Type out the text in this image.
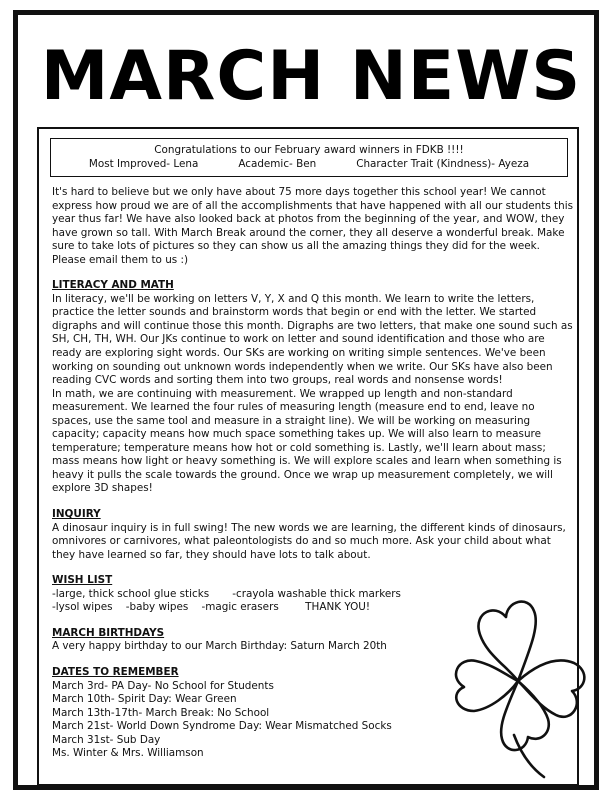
MARCH NEWS
Congratulations to our February award winners in FDKB !!!!
Most Improved- Lena	Academic- Ben	Character Trait (Kindness)- Ayeza

It's hard to believe but we only have about 75 more days together this school year! We cannot express how proud we are of all the accomplishments that have happened with all our students this year thus far! We have also looked back at photos from the beginning of the year, and WOW, they have grown so tall. With March Break around the corner, they all deserve a wonderful break. Make sure to take lots of pictures so they can show us all the amazing things they did for the week. Please email them to us :)

LITERACY AND MATH

In literacy, we'll be working on letters V, Y, X and Q this month. We learn to write the letters, practice the letter sounds and brainstorm words that begin or end with the letter. We started digraphs and will continue those this month. Digraphs are two letters, that make one sound such as SH, CH, TH, WH. Our JKs continue to work on letter and sound identification and those who are ready are exploring sight words. Our SKs are working on writing simple sentences. We've been working on sounding out unknown words independently when we write. Our SKs have also been reading CVC words and sorting them into two groups, real words and nonsense words!

In math, we are continuing with measurement. We wrapped up length and non-standard measurement. We learned the four rules of measuring length (measure end to end, leave no spaces, use the same tool and measure in a straight line). We will be working on measuring capacity; capacity means how much space something takes up. We will also learn to measure temperature; temperature means how hot or cold something is. Lastly, we'll learn about mass; mass means how light or heavy something is. We will explore scales and learn when something is heavy it pulls the scale towards the ground. Once we wrap up measurement completely, we will explore 3D shapes!

INQUIRY

A dinosaur inquiry is in full swing! The new words we are learning, the different kinds of dinosaurs, omnivores or carnivores, what paleontologists do and so much more. Ask your child about what they have learned so far, they should have lots to talk about.

WISH LIST

-large, thick school glue sticks       -crayola washable thick markers

-lysol wipes    -baby wipes    -magic erasers        THANK YOU!

MARCH BIRTHDAYS

A very happy birthday to our March Birthday: Saturn March 20th

DATES TO REMEMBER

March 3rd- PA Day- No School for Students

March 10th- Spirit Day: Wear Green

March 13th-17th- March Break: No School

March 21st- World Down Syndrome Day: Wear Mismatched Socks

March 31st- Sub Day

Ms. Winter & Mrs. Williamson
